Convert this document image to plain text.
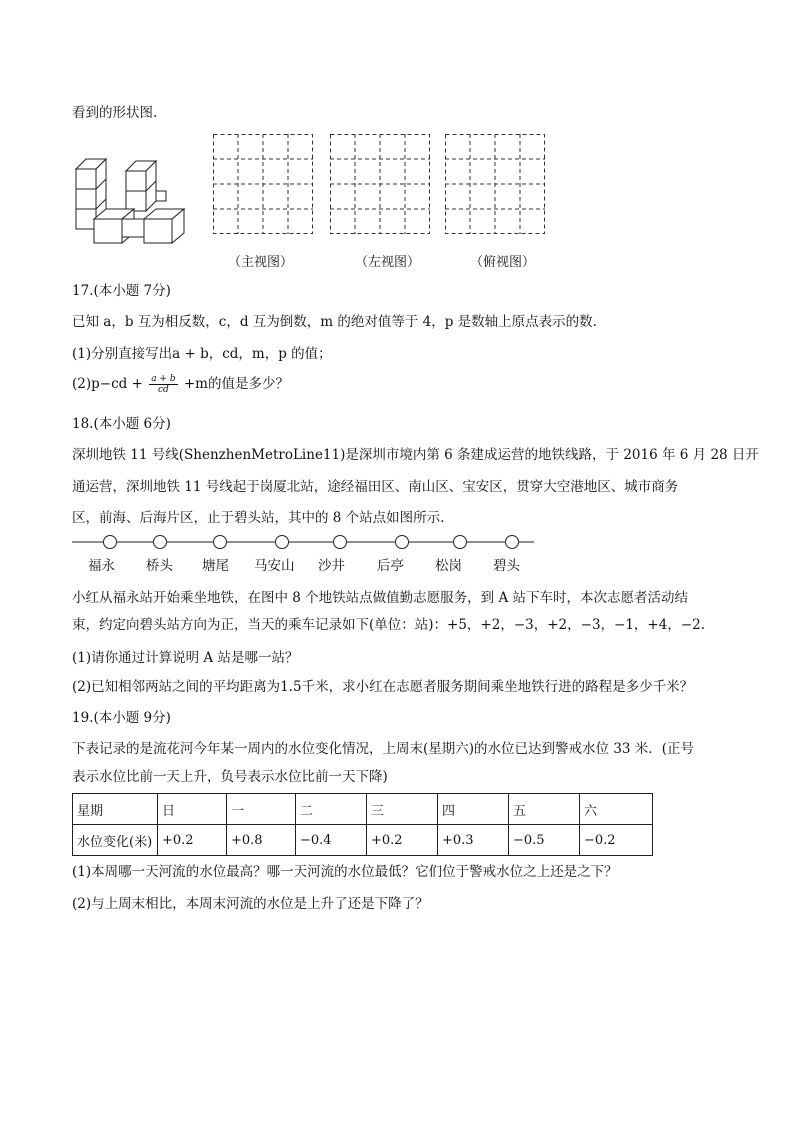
看到的形状图.
（主视图）	（左视图）	（俯视图）
17.(本小题 7分)
已知 a，b 互为相反数，c，d 互为倒数，m 的绝对值等于 4，p 是数轴上原点表示的数.
(1)分别直接写出a + b，cd，m，p 的值；
$(2)p-cd + \frac{a + b}{cd} +m$的值是多少？
18.(本小题 6分)
深圳地铁 11 号线(ShenzhenMetroLine11)是深圳市境内第 6 条建成运营的地铁线路，于 2016 年 6 月 28 日开
通运营，深圳地铁 11 号线起于岗厦北站，途经福田区、南山区、宝安区，贯穿大空港地区、城市商务
区，前海、后海片区，止于碧头站，其中的 8 个站点如图所示.
福永 桥头 塘尾 马安山 沙井 后亭 松岗 碧头
小红从福永站开始乘坐地铁，在图中 8 个地铁站点做值勤志愿服务，到 A 站下车时，本次志愿者活动结
束，约定向碧头站方向为正，当天的乘车记录如下(单位：站)：+5，+2，−3，+2，−3，−1，+4，−2.
(1)请你通过计算说明 A 站是哪一站？
(2)已知相邻两站之间的平均距离为1.5千米，求小红在志愿者服务期间乘坐地铁行进的路程是多少千米？
19.(本小题 9分)
下表记录的是流花河今年某一周内的水位变化情况，上周末(星期六)的水位已达到警戒水位 33 米．(正号
表示水位比前一天上升，负号表示水位比前一天下降)
星期	日	一	二	三	四	五	六
水位变化(米)	+0.2	+0.8	−0.4	+0.2	+0.3	−0.5	−0.2
(1)本周哪一天河流的水位最高？哪一天河流的水位最低？它们位于警戒水位之上还是之下？
(2)与上周末相比，本周末河流的水位是上升了还是下降了？
